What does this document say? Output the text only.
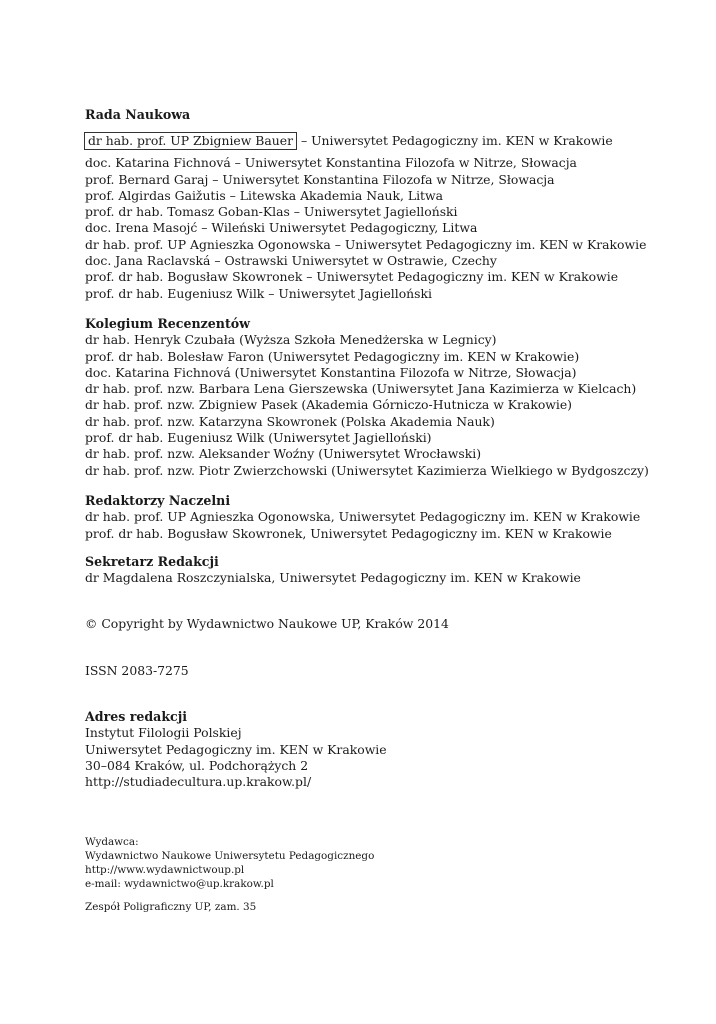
Rada Naukowa
dr hab. prof. UP Zbigniew Bauer – Uniwersytet Pedagogiczny im. KEN w Krakowie
doc. Katarina Fichnová – Uniwersytet Konstantina Filozofa w Nitrze, Słowacja
prof. Bernard Garaj – Uniwersytet Konstantina Filozofa w Nitrze, Słowacja
prof. Algirdas Gaižutis – Litewska Akademia Nauk, Litwa
prof. dr hab. Tomasz Goban-Klas – Uniwersytet Jagielloński
doc. Irena Masojć – Wileński Uniwersytet Pedagogiczny, Litwa
dr hab. prof. UP Agnieszka Ogonowska – Uniwersytet Pedagogiczny im. KEN w Krakowie
doc. Jana Raclavská – Ostrawski Uniwersytet w Ostrawie, Czechy
prof. dr hab. Bogusław Skowronek – Uniwersytet Pedagogiczny im. KEN w Krakowie
prof. dr hab. Eugeniusz Wilk – Uniwersytet Jagielloński
Kolegium Recenzentów
dr hab. Henryk Czubała (Wyższa Szkoła Menedżerska w Legnicy)
prof. dr hab. Bolesław Faron (Uniwersytet Pedagogiczny im. KEN w Krakowie)
doc. Katarina Fichnová (Uniwersytet Konstantina Filozofa w Nitrze, Słowacja)
dr hab. prof. nzw. Barbara Lena Gierszewska (Uniwersytet Jana Kazimierza w Kielcach)
dr hab. prof. nzw. Zbigniew Pasek (Akademia Górniczo-Hutnicza w Krakowie)
dr hab. prof. nzw. Katarzyna Skowronek (Polska Akademia Nauk)
prof. dr hab. Eugeniusz Wilk (Uniwersytet Jagielloński)
dr hab. prof. nzw. Aleksander Woźny (Uniwersytet Wrocławski)
dr hab. prof. nzw. Piotr Zwierzchowski (Uniwersytet Kazimierza Wielkiego w Bydgoszczy)
Redaktorzy Naczelni
dr hab. prof. UP Agnieszka Ogonowska, Uniwersytet Pedagogiczny im. KEN w Krakowie
prof. dr hab. Bogusław Skowronek, Uniwersytet Pedagogiczny im. KEN w Krakowie
Sekretarz Redakcji
dr Magdalena Roszczynialska, Uniwersytet Pedagogiczny im. KEN w Krakowie
© Copyright by Wydawnictwo Naukowe UP, Kraków 2014
ISSN 2083-7275
Adres redakcji
Instytut Filologii Polskiej
Uniwersytet Pedagogiczny im. KEN w Krakowie
30–084 Kraków, ul. Podchorążych 2
http://studiadecultura.up.krakow.pl/
Wydawca:
Wydawnictwo Naukowe Uniwersytetu Pedagogicznego
http://www.wydawnictwoup.pl
e-mail: wydawnictwo@up.krakow.pl
Zespół Poligraficzny UP, zam. 35
